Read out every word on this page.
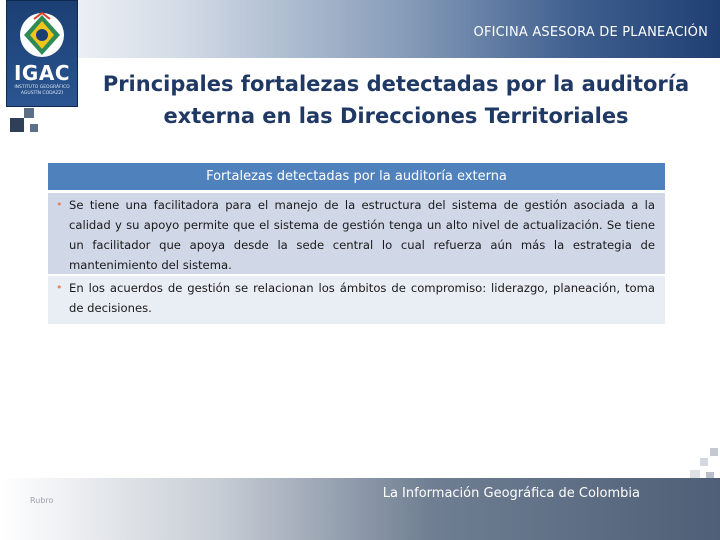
OFICINA ASESORA DE PLANEACIÓN
IGAC
INSTITUTO GEOGRÁFICO AGUSTÍN CODAZZI	Principales fortalezas detectadas por la auditoría externa en las Direcciones Territoriales
Fortalezas detectadas por la auditoría externa
• Se tiene una facilitadora para el manejo de la estructura del sistema de gestión asociada a la calidad y su apoyo permite que el sistema de gestión tenga un alto nivel de actualización. Se tiene un facilitador que apoya desde la sede central lo cual refuerza aún más la estrategia de mantenimiento del sistema.
• En los acuerdos de gestión se relacionan los ámbitos de compromiso: liderazgo, planeación, toma de decisiones.
La Información Geográfica de Colombia
Rubro
